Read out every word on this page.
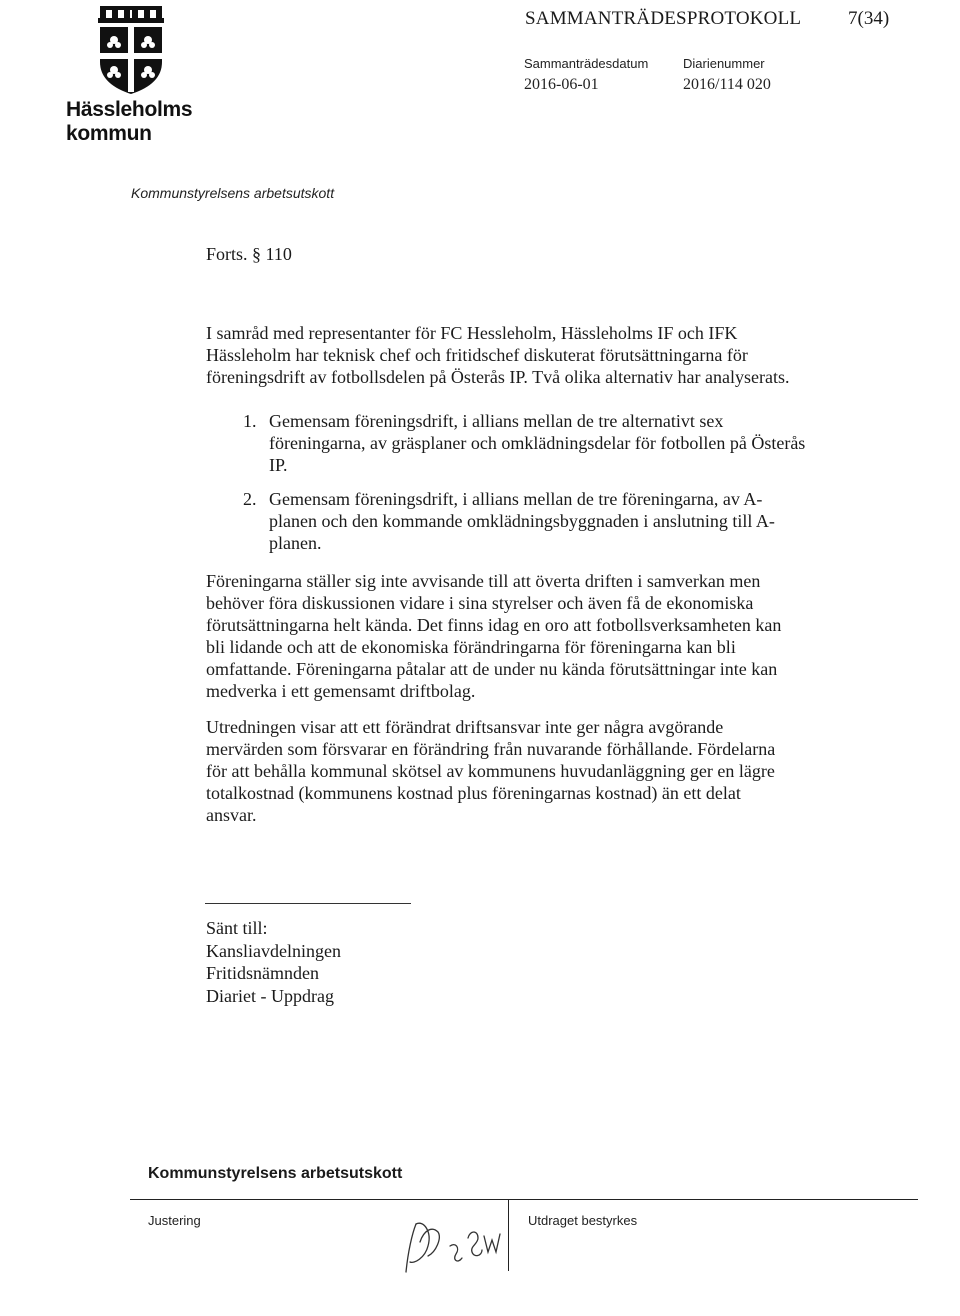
Hässleholms
kommun
SAMMANTRÄDESPROTOKOLL 7(34)
Sammanträdesdatum
2016-06-01
Diarienummer
2016/114 020
Kommunstyrelsens arbetsutskott
Forts. § 110
I samråd med representanter för FC Hessleholm, Hässleholms IF och IFK
Hässleholm har teknisk chef och fritidschef diskuterat förutsättningarna för
föreningsdrift av fotbollsdelen på Österås IP. Två olika alternativ har analyserats.
1. Gemensam föreningsdrift, i allians mellan de tre alternativt sex
föreningarna, av gräsplaner och omklädningsdelar för fotbollen på Österås
IP.
2. Gemensam föreningsdrift, i allians mellan de tre föreningarna, av A-
planen och den kommande omklädningsbyggnaden i anslutning till A-
planen.
Föreningarna ställer sig inte avvisande till att överta driften i samverkan men
behöver föra diskussionen vidare i sina styrelser och även få de ekonomiska
förutsättningarna helt kända. Det finns idag en oro att fotbollsverksamheten kan
bli lidande och att de ekonomiska förändringarna för föreningarna kan bli
omfattande. Föreningarna påtalar att de under nu kända förutsättningar inte kan
medverka i ett gemensamt driftbolag.
Utredningen visar att ett förändrat driftsansvar inte ger några avgörande
mervärden som försvarar en förändring från nuvarande förhållande. Fördelarna
för att behålla kommunal skötsel av kommunens huvudanläggning ger en lägre
totalkostnad (kommunens kostnad plus föreningarnas kostnad) än ett delat
ansvar.
Sänt till:
Kansliavdelningen
Fritidsnämnden
Diariet - Uppdrag
Kommunstyrelsens arbetsutskott
Justering	Utdraget bestyrkes
